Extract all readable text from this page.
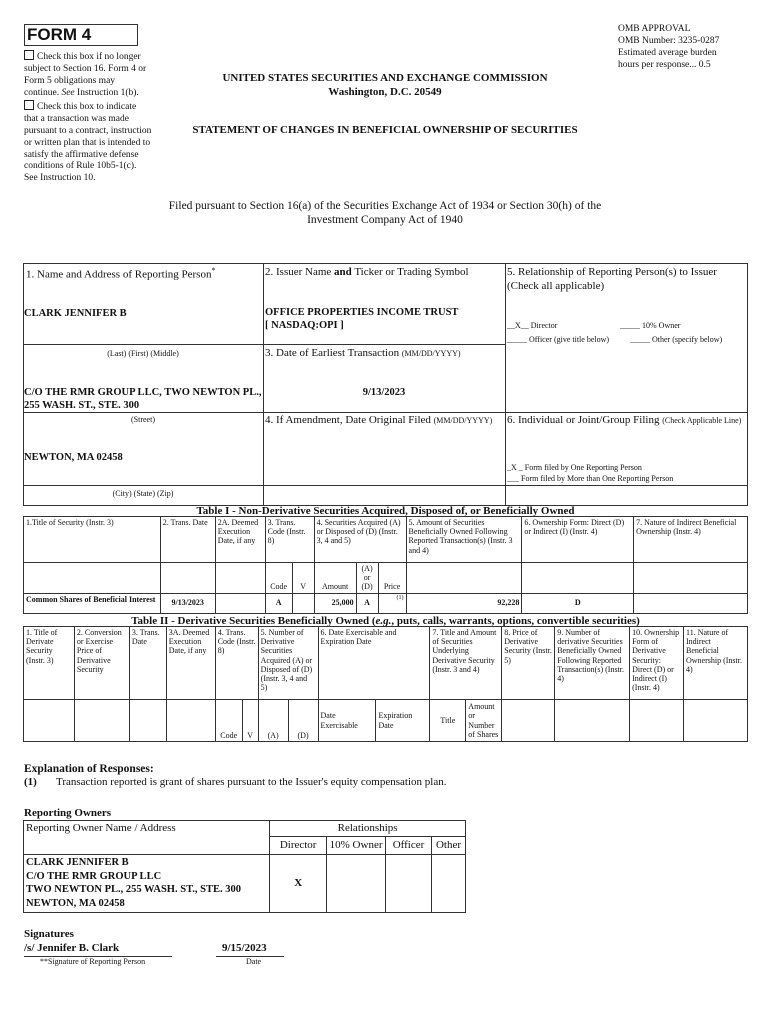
FORM 4
Check this box if no longer subject to Section 16. Form 4 or Form 5 obligations may continue. See Instruction 1(b).
Check this box to indicate that a transaction was made pursuant to a contract, instruction or written plan that is intended to satisfy the affirmative defense conditions of Rule 10b5-1(c). See Instruction 10.
UNITED STATES SECURITIES AND EXCHANGE COMMISSION
Washington, D.C. 20549
STATEMENT OF CHANGES IN BENEFICIAL OWNERSHIP OF SECURITIES
OMB APPROVAL
OMB Number: 3235-0287
Estimated average burden
hours per response... 0.5
Filed pursuant to Section 16(a) of the Securities Exchange Act of 1934 or Section 30(h) of the
Investment Company Act of 1940
1. Name and Address of Reporting Person*
CLARK JENNIFER B
(Last) (First) (Middle)
C/O THE RMR GROUP LLC, TWO NEWTON PL., 255 WASH. ST., STE. 300
(Street)
NEWTON, MA 02458
(City) (State) (Zip)
2. Issuer Name and Ticker or Trading Symbol
OFFICE PROPERTIES INCOME TRUST
[ NASDAQ:OPI ]
3. Date of Earliest Transaction (MM/DD/YYYY)
9/13/2023
4. If Amendment, Date Original Filed (MM/DD/YYYY)
5. Relationship of Reporting Person(s) to Issuer (Check all applicable)
__X__ Director	_____ 10% Owner
_____ Officer (give title below)	_____ Other (specify below)
6. Individual or Joint/Group Filing (Check Applicable Line)
_X _ Form filed by One Reporting Person
___ Form filed by More than One Reporting Person
Table I - Non-Derivative Securities Acquired, Disposed of, or Beneficially Owned
1.Title of Security (Instr. 3)	2. Trans. Date	2A. Deemed Execution Date, if any	3. Trans. Code (Instr. 8)		4. Securities Acquired (A) or Disposed of (D) (Instr. 3, 4 and 5)			5. Amount of Securities Beneficially Owned Following Reported Transaction(s) (Instr. 3 and 4)	6. Ownership Form: Direct (D) or Indirect (I) (Instr. 4)	7. Nature of Indirect Beneficial Ownership (Instr. 4)
			Code	V	Amount	(A) or (D)	Price			
Common Shares of Beneficial Interest	9/13/2023		A		25,000	A	(1)	92,228	D	
Table II - Derivative Securities Beneficially Owned (e.g., puts, calls, warrants, options, convertible securities)
1. Title of Derivate Security (Instr. 3)	2. Conversion or Exercise Price of Derivative Security	3. Trans. Date	3A. Deemed Execution Date, if any	4. Trans. Code (Instr. 8)		5. Number of Derivative Securities Acquired (A) or Disposed of (D) (Instr. 3, 4 and 5)		6. Date Exercisable and Expiration Date		7. Title and Amount of Securities Underlying Derivative Security (Instr. 3 and 4)		8. Price of Derivative Security (Instr. 5)	9. Number of derivative Securities Beneficially Owned Following Reported Transaction(s) (Instr. 4)	10. Ownership Form of Derivative Security: Direct (D) or Indirect (I) (Instr. 4)	11. Nature of Indirect Beneficial Ownership (Instr. 4)
				Code	V	(A)	(D)	Date Exercisable	Expiration Date	Title	Amount or Number of Shares				
Explanation of Responses:
(1) Transaction reported is grant of shares pursuant to the Issuer's equity compensation plan.
Reporting Owners
Reporting Owner Name / Address	Relationships			
	Director	10% Owner	Officer	Other

CLARK JENNIFER B
C/O THE RMR GROUP LLC
TWO NEWTON PL., 255 WASH. ST., STE. 300
NEWTON, MA 02458	X			
Signatures
/s/ Jennifer B. Clark	9/15/2023
**Signature of Reporting Person	Date
